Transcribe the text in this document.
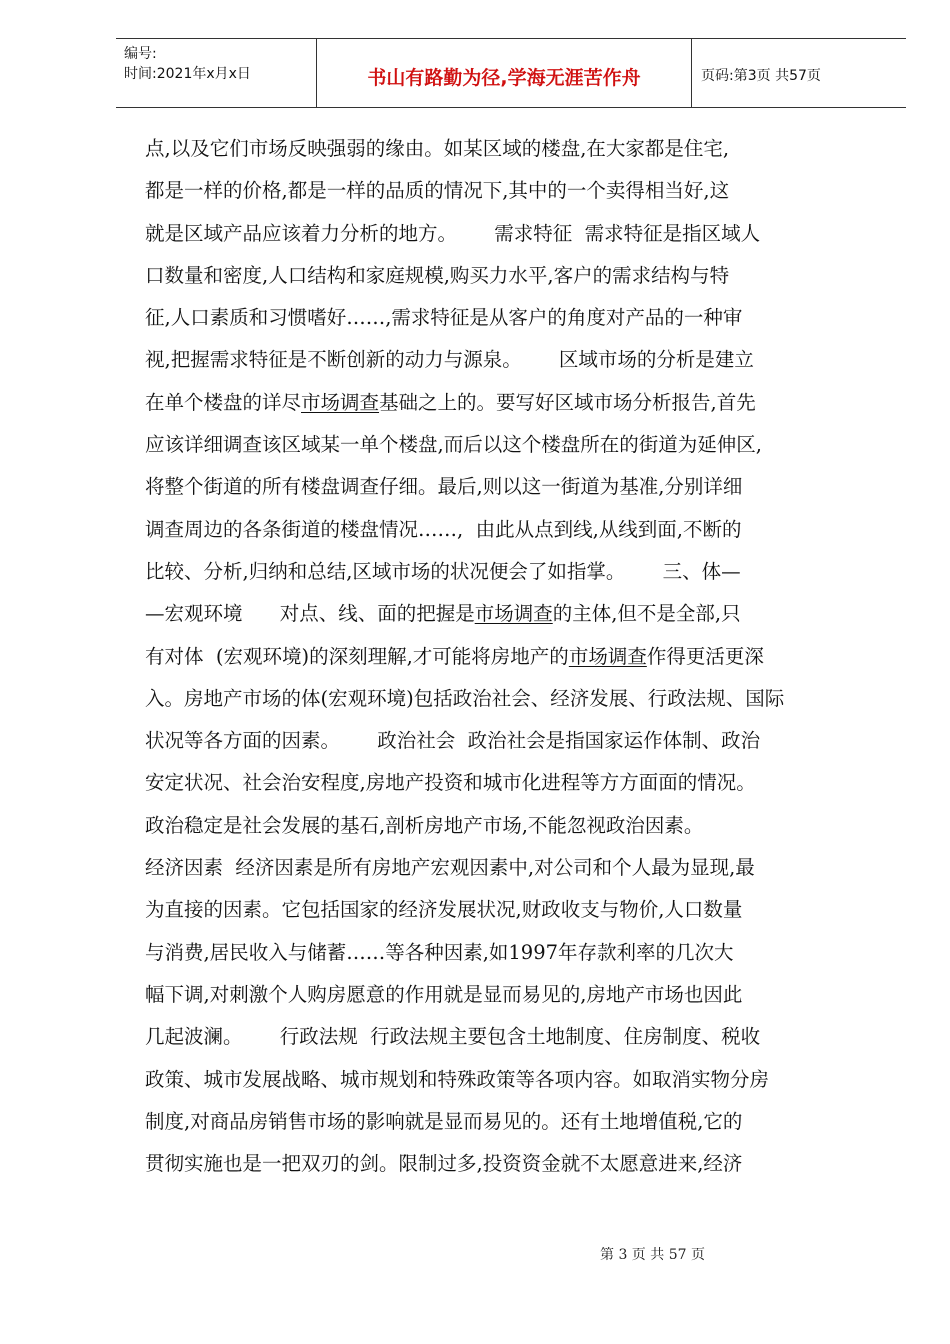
编号:
时间:2021年x月x日	书山有路勤为径,学海无涯苦作舟	页码:第3页 共57页
点,以及它们市场反映强弱的缘由。如某区域的楼盘,在大家都是住宅,
都是一样的价格,都是一样的品质的情况下,其中的一个卖得相当好,这
就是区域产品应该着力分析的地方。      需求特征  需求特征是指区域人
口数量和密度,人口结构和家庭规模,购买力水平,客户的需求结构与特
征,人口素质和习惯嗜好……,需求特征是从客户的角度对产品的一种审
视,把握需求特征是不断创新的动力与源泉。      区域市场的分析是建立
在单个楼盘的详尽市场调查基础之上的。要写好区域市场分析报告,首先
应该详细调查该区域某一单个楼盘,而后以这个楼盘所在的街道为延伸区,
将整个街道的所有楼盘调查仔细。最后,则以这一街道为基准,分别详细
调查周边的各条街道的楼盘情况……,  由此从点到线,从线到面,不断的
比较、分析,归纳和总结,区域市场的状况便会了如指掌。      三、体—
—宏观环境      对点、线、面的把握是市场调查的主体,但不是全部,只
有对体  (宏观环境)的深刻理解,才可能将房地产的市场调查作得更活更深
入。房地产市场的体(宏观环境)包括政治社会、经济发展、行政法规、国际
状况等各方面的因素。      政治社会  政治社会是指国家运作体制、政治
安定状况、社会治安程度,房地产投资和城市化进程等方方面面的情况。
政治稳定是社会发展的基石,剖析房地产市场,不能忽视政治因素。
经济因素  经济因素是所有房地产宏观因素中,对公司和个人最为显现,最
为直接的因素。它包括国家的经济发展状况,财政收支与物价,人口数量
与消费,居民收入与储蓄……等各种因素,如1997年存款利率的几次大
幅下调,对刺激个人购房愿意的作用就是显而易见的,房地产市场也因此
几起波澜。      行政法规  行政法规主要包含土地制度、住房制度、税收
政策、城市发展战略、城市规划和特殊政策等各项内容。如取消实物分房
制度,对商品房销售市场的影响就是显而易见的。还有土地增值税,它的
贯彻实施也是一把双刃的剑。限制过多,投资资金就不太愿意进来,经济
第 3 页 共 57 页
